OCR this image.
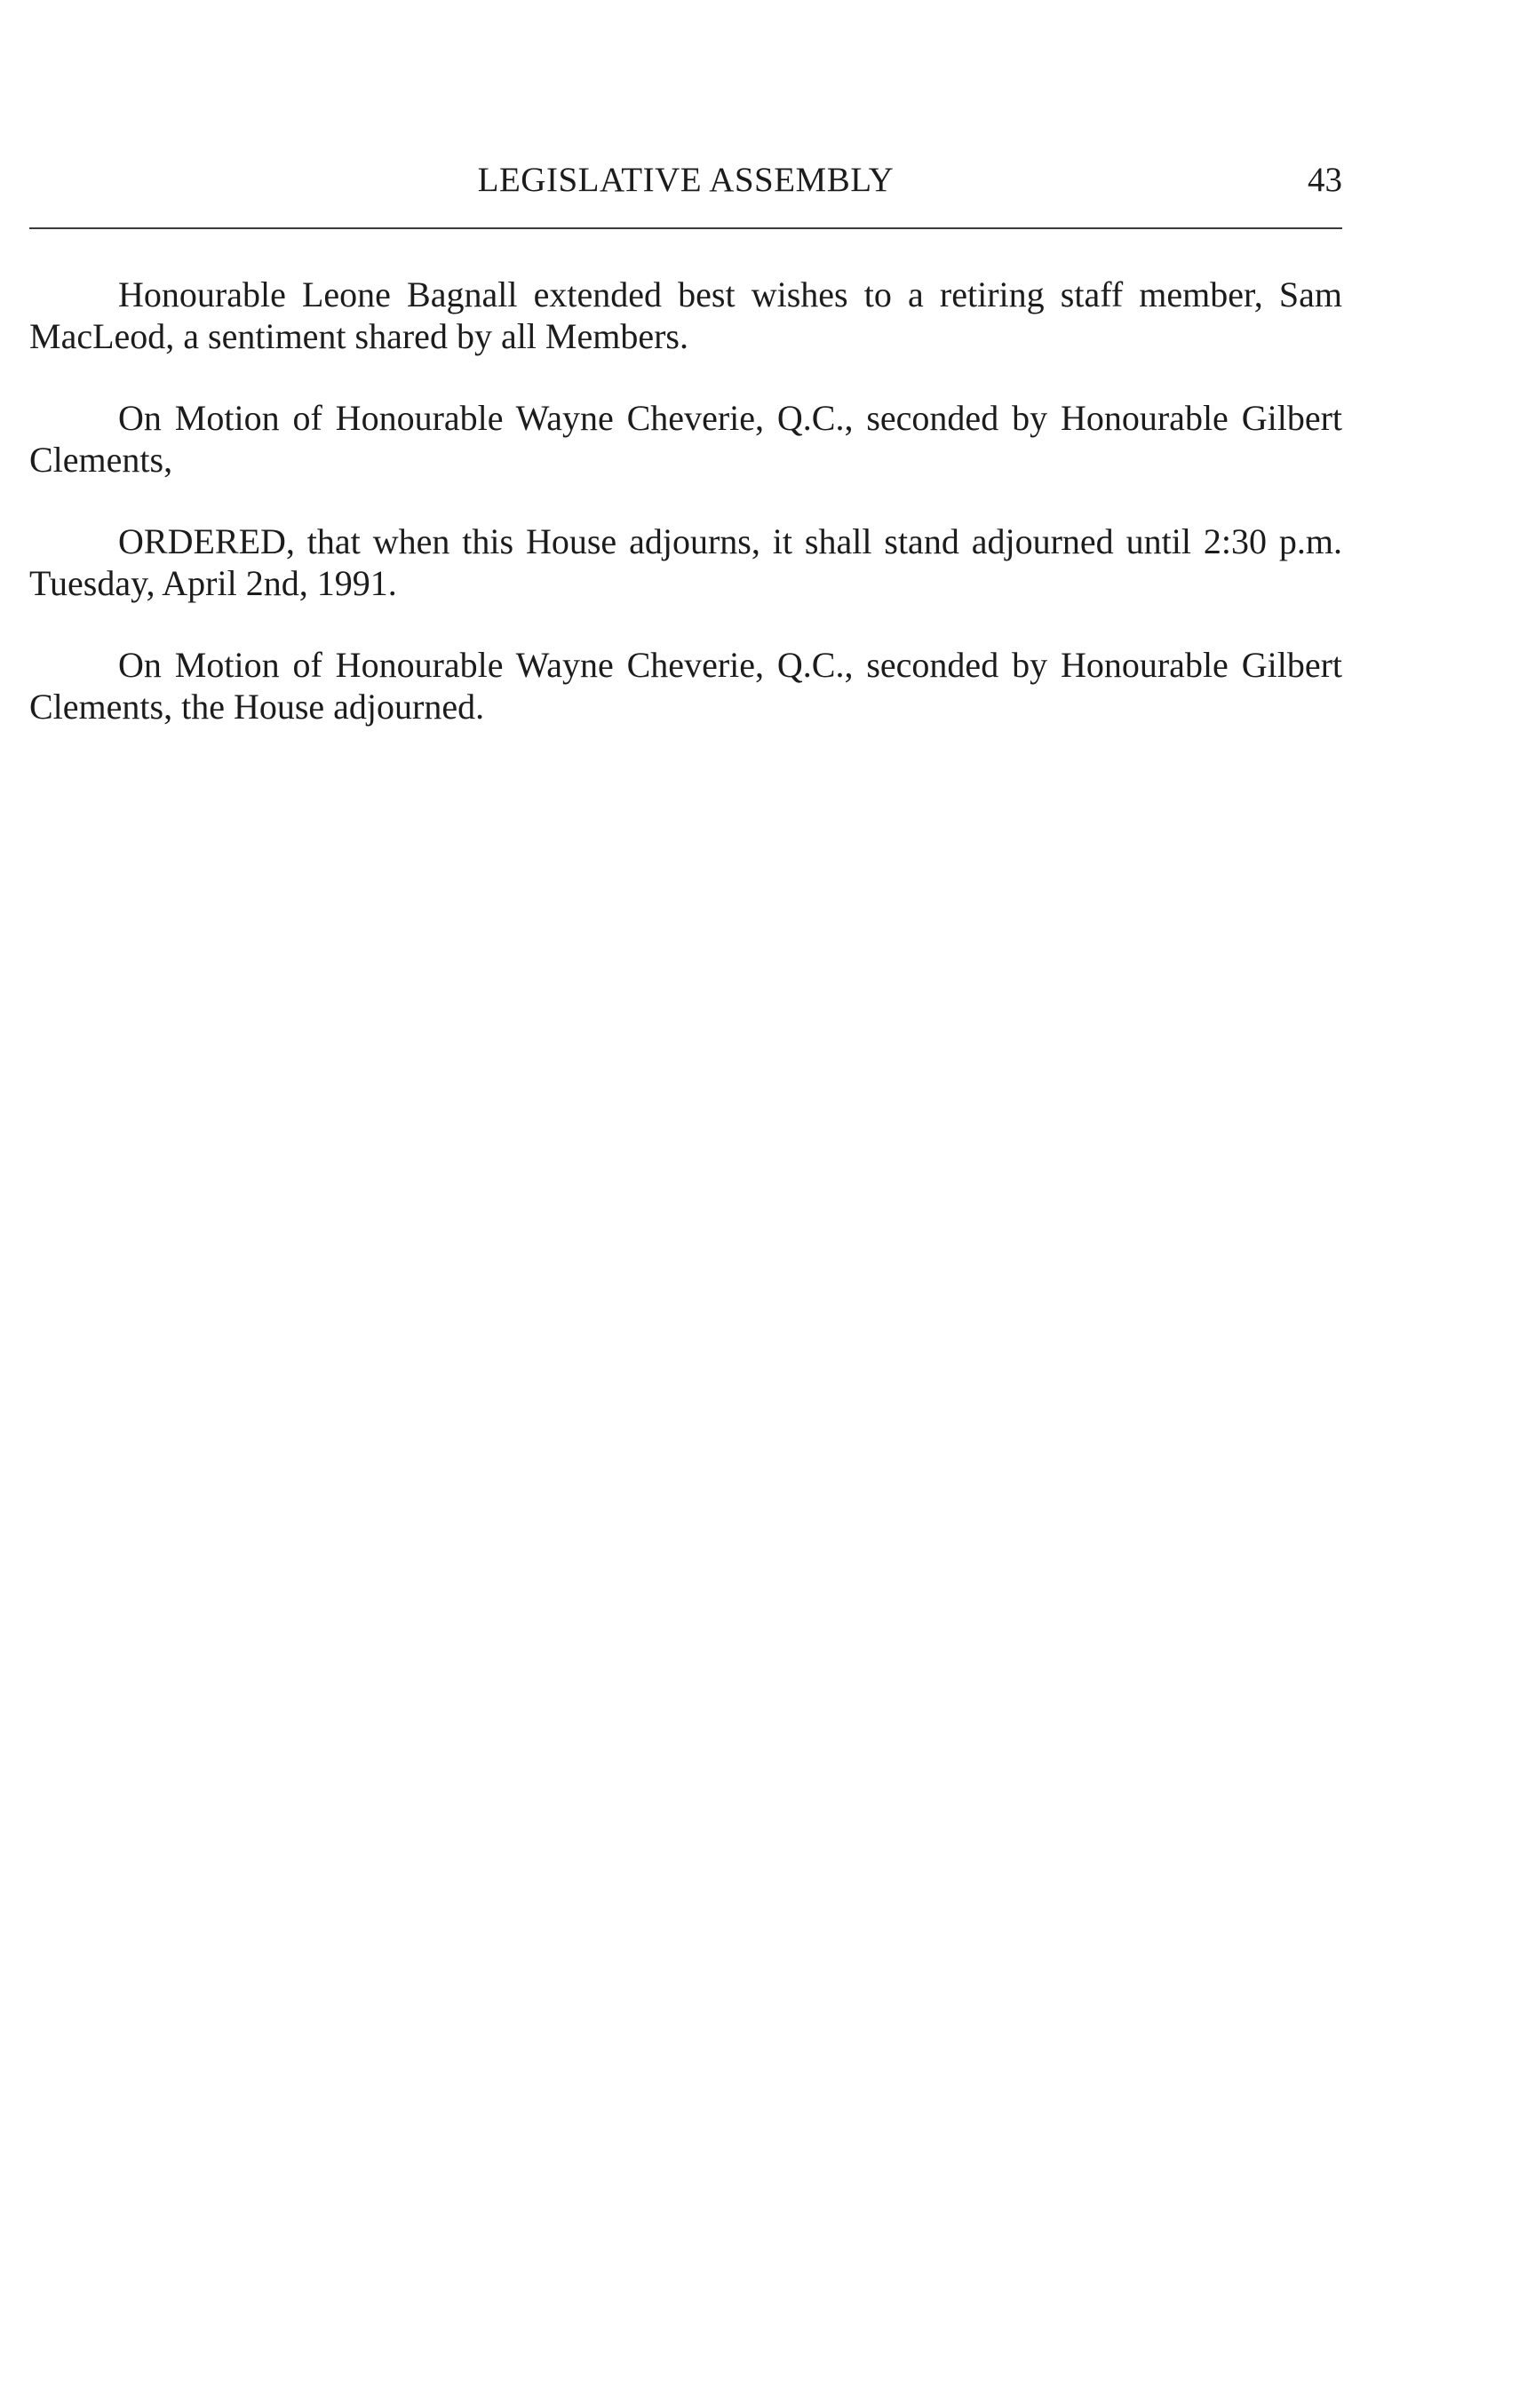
LEGISLATIVE ASSEMBLY	43

Honourable Leone Bagnall extended best wishes to a retiring staff member, Sam MacLeod, a sentiment shared by all Members.

On Motion of Honourable Wayne Cheverie, Q.C., seconded by Honourable Gilbert Clements,

ORDERED, that when this House adjourns, it shall stand adjourned until 2:30 p.m. Tuesday, April 2nd, 1991.

On Motion of Honourable Wayne Cheverie, Q.C., seconded by Honourable Gilbert Clements, the House adjourned.
